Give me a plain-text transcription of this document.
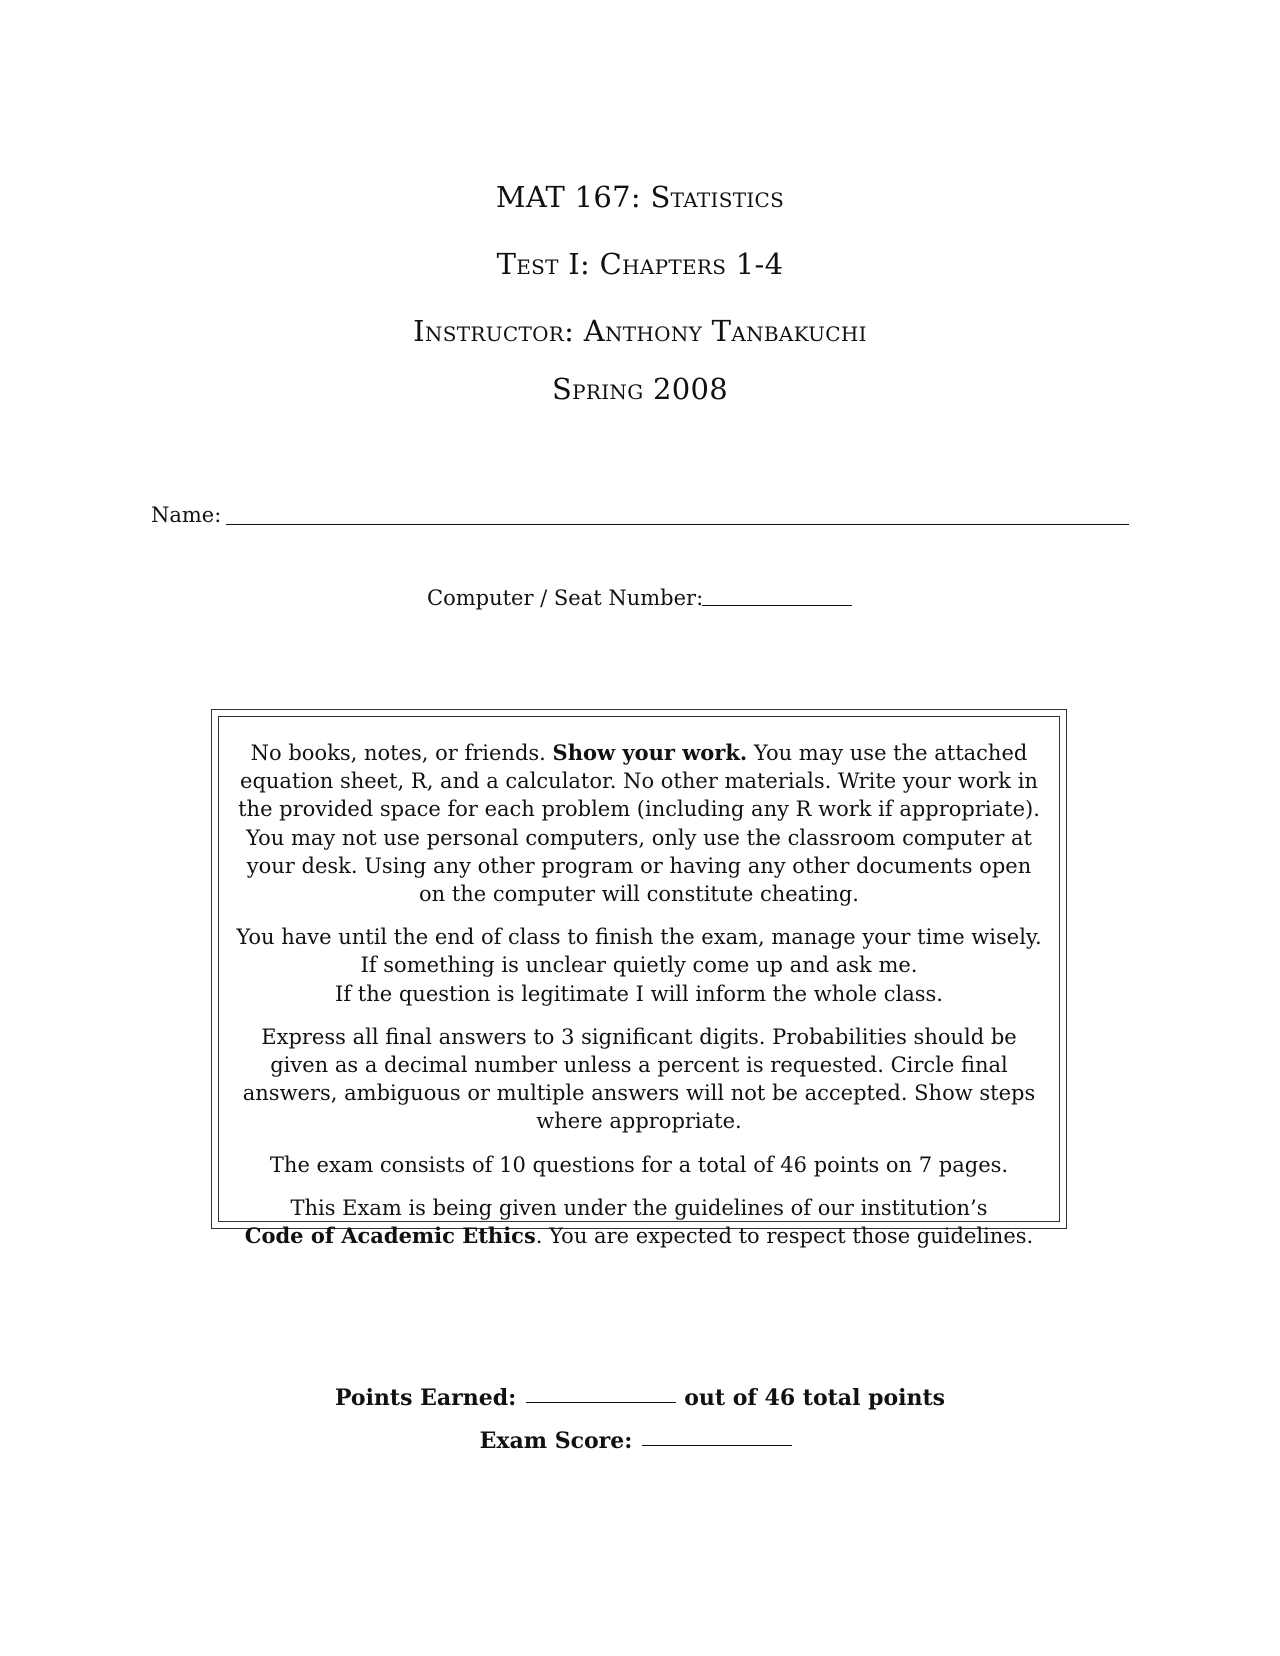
MAT 167: Statistics
Test I: Chapters 1-4
Instructor: Anthony Tanbakuchi
Spring 2008
Name:
Computer / Seat Number:

No books, notes, or friends. Show your work. You may use the attached equation sheet, R, and a calculator. No other materials. Write your work in the provided space for each problem (including any R work if appropriate). You may not use personal computers, only use the classroom computer at your desk. Using any other program or having any other documents open on the computer will constitute cheating.

You have until the end of class to finish the exam, manage your time wisely.
If something is unclear quietly come up and ask me.
If the question is legitimate I will inform the whole class.

Express all final answers to 3 significant digits. Probabilities should be given as a decimal number unless a percent is requested. Circle final answers, ambiguous or multiple answers will not be accepted. Show steps where appropriate.

The exam consists of 10 questions for a total of 46 points on 7 pages.

This Exam is being given under the guidelines of our institution’s
Code of Academic Ethics. You are expected to respect those guidelines.

Points Earned:	out of 46 total points
Exam Score:
